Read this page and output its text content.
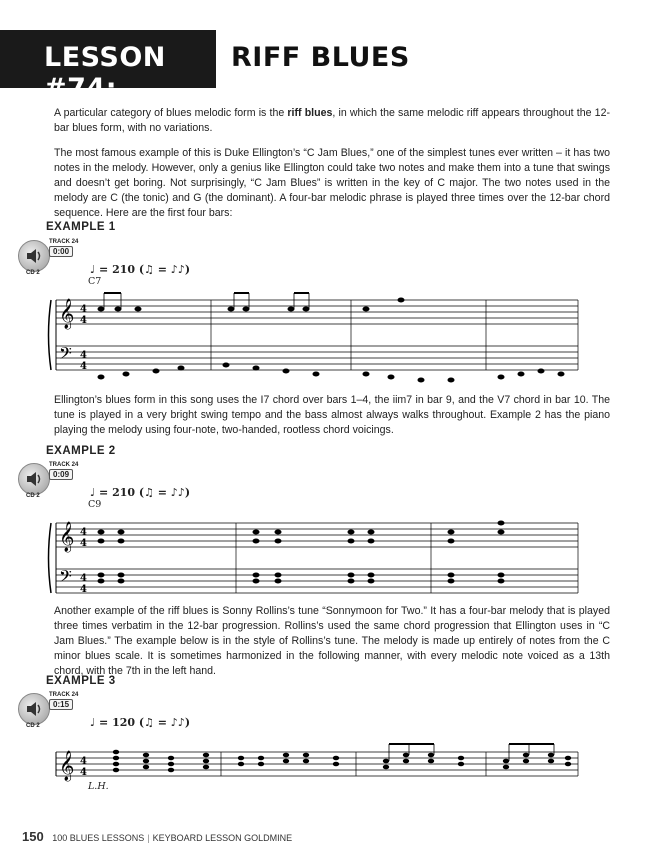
LESSON #74:
RIFF BLUES
A particular category of blues melodic form is the riff blues, in which the same melodic riff appears throughout the 12-bar blues form, with no variations.
The most famous example of this is Duke Ellington’s “C Jam Blues,” one of the simplest tunes ever written – it has two notes in the melody. However, only a genius like Ellington could take two notes and make them into a tune that swings and doesn’t get boring. Not surprisingly, “C Jam Blues” is written in the key of C major. The two notes used in the melody are C (the tonic) and G (the dominant). A four-bar melodic phrase is played three times over the 12-bar chord sequence. Here are the first four bars:
EXAMPLE 1
TRACK 24
0:00
CD 2	♩ = 210 (♫ = ♪♪)
C7
𝄞
𝄢
4
4
4
4
Ellington’s blues form in this song uses the I7 chord over bars 1–4, the iim7 in bar 9, and the V7 chord in bar 10. The tune is played in a very bright swing tempo and the bass almost always walks throughout. Example 2 has the piano playing the melody using four-note, two-handed, rootless chord voicings.
EXAMPLE 2
TRACK 24
0:09
CD 2	♩ = 210 (♫ = ♪♪)
C9
𝄞
𝄢
4
4
4
4
Another example of the riff blues is Sonny Rollins’s tune “Sonnymoon for Two.” It has a four-bar melody that is played three times verbatim in the 12-bar progression. Rollins’s used the same chord progression that Ellington uses in “C Jam Blues.” The example below is in the style of Rollins’s tune. The melody is made up entirely of notes from the C minor blues scale. It is sometimes harmonized in the following manner, with every melodic note voiced as a 13th chord, with the 7th in the left hand.
EXAMPLE 3
TRACK 24
0:15
CD 2	♩ = 120 (♫ = ♪♪)
𝄞 4
4
L.H.
150 100 BLUES LESSONS | KEYBOARD LESSON GOLDMINE
